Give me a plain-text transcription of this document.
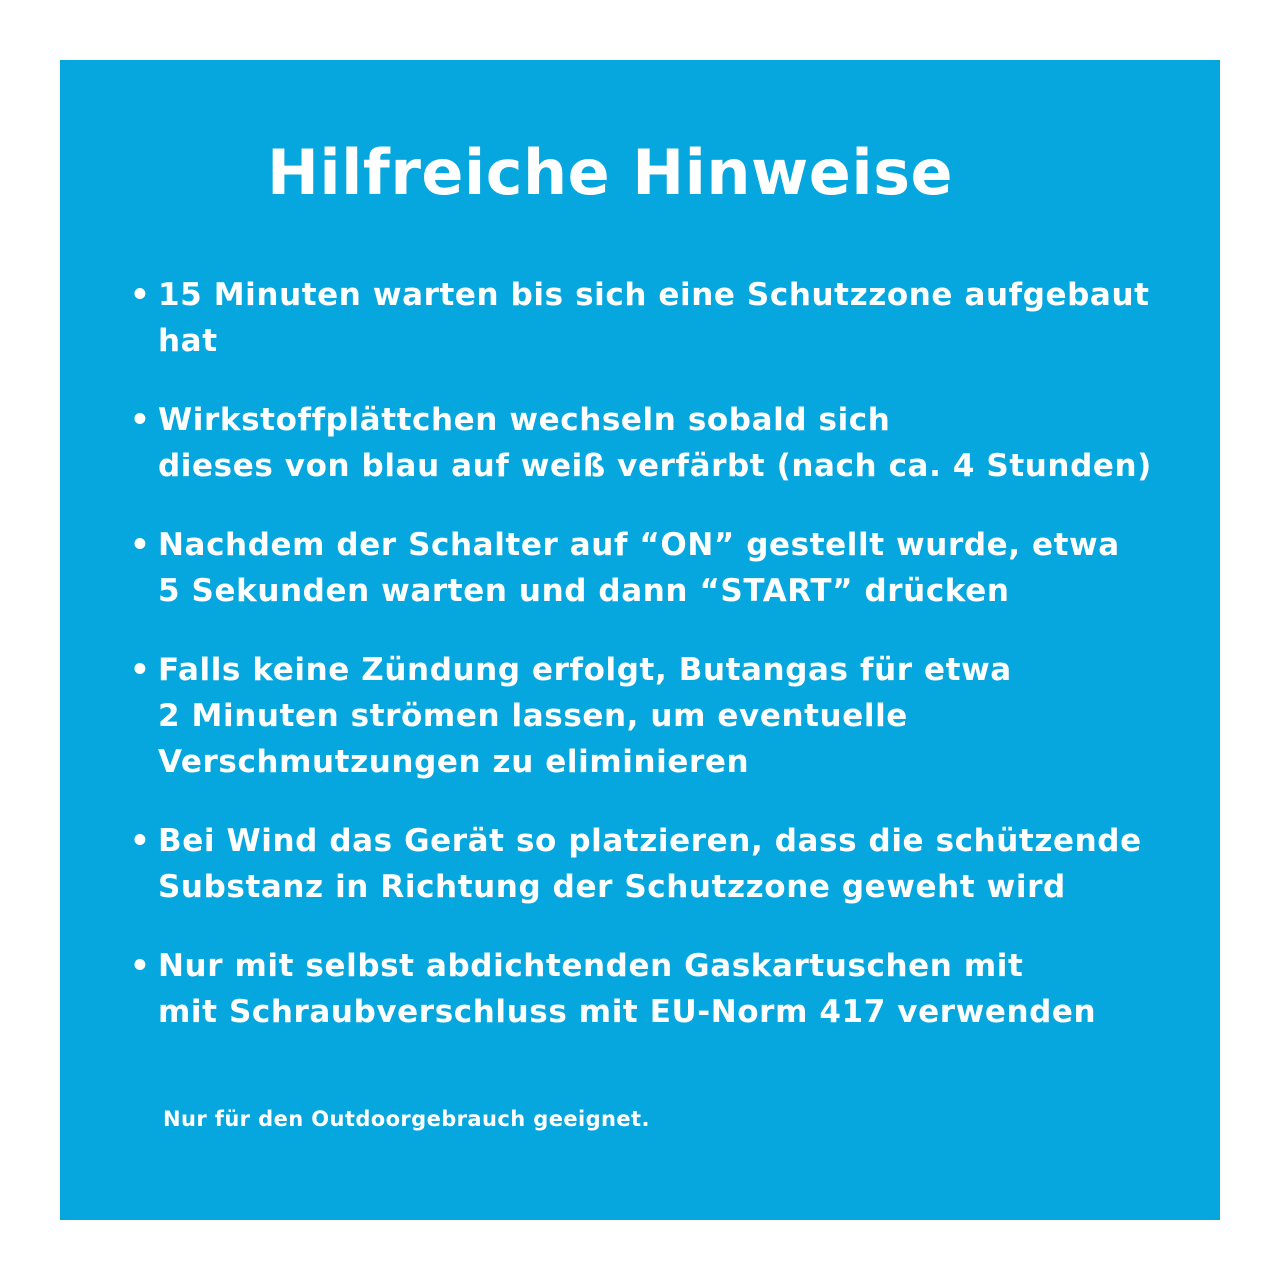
Hilfreiche Hinweise
• 15 Minuten warten bis sich eine Schutzzone aufgebaut
hat
• Wirkstoffplättchen wechseln sobald sich
dieses von blau auf weiß verfärbt (nach ca. 4 Stunden)
• Nachdem der Schalter auf “ON” gestellt wurde, etwa
5 Sekunden warten und dann “START” drücken
• Falls keine Zündung erfolgt, Butangas für etwa
2 Minuten strömen lassen, um eventuelle
Verschmutzungen zu eliminieren
• Bei Wind das Gerät so platzieren, dass die schützende
Substanz in Richtung der Schutzzone geweht wird
• Nur mit selbst abdichtenden Gaskartuschen mit
mit Schraubverschluss mit EU-Norm 417 verwenden

Nur für den Outdoorgebrauch geeignet.
